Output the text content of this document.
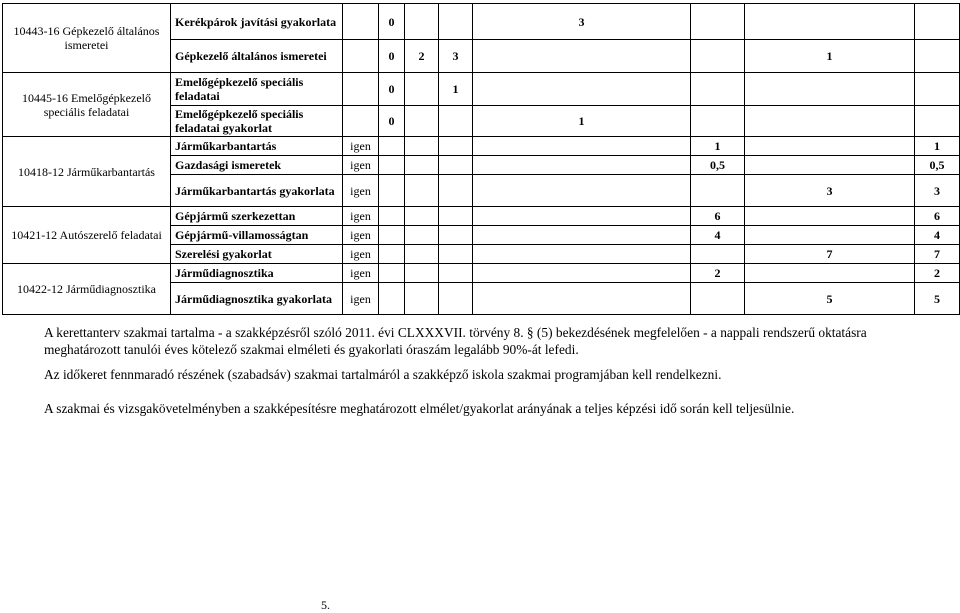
10443-16 Gépkezelő általános ismeretei	Kerékpárok javítási gyakorlata		0			3			
	Gépkezelő általános ismeretei		0	2	3			1	
10445-16 Emelőgépkezelő speciális feladatai	Emelőgépkezelő speciális feladatai		0		1				
	Emelőgépkezelő speciális feladatai gyakorlat		0			1			
10418-12 Járműkarbantartás	Járműkarbantartás	igen					1		1
	Gazdasági ismeretek	igen					0,5		0,5
	Járműkarbantartás gyakorlata	igen						3	3
10421-12 Autószerelő feladatai	Gépjármű szerkezettan	igen					6		6
	Gépjármű-villamosságtan	igen					4		4
	Szerelési gyakorlat	igen						7	7
10422-12 Járműdiagnosztika	Járműdiagnosztika	igen					2		2
	Járműdiagnosztika gyakorlata	igen						5	5

A kerettanterv szakmai tartalma - a szakképzésről szóló 2011. évi CLXXXVII. törvény 8. § (5) bekezdésének megfelelően - a nappali rendszerű oktatásra meghatározott tanulói éves kötelező szakmai elméleti és gyakorlati óraszám legalább 90%-át lefedi.

Az időkeret fennmaradó részének (szabadsáv) szakmai tartalmáról a szakképző iskola szakmai programjában kell rendelkezni.

A szakmai és vizsgakövetelményben a szakképesítésre meghatározott elmélet/gyakorlat arányának a teljes képzési idő során kell teljesülnie.

5.
